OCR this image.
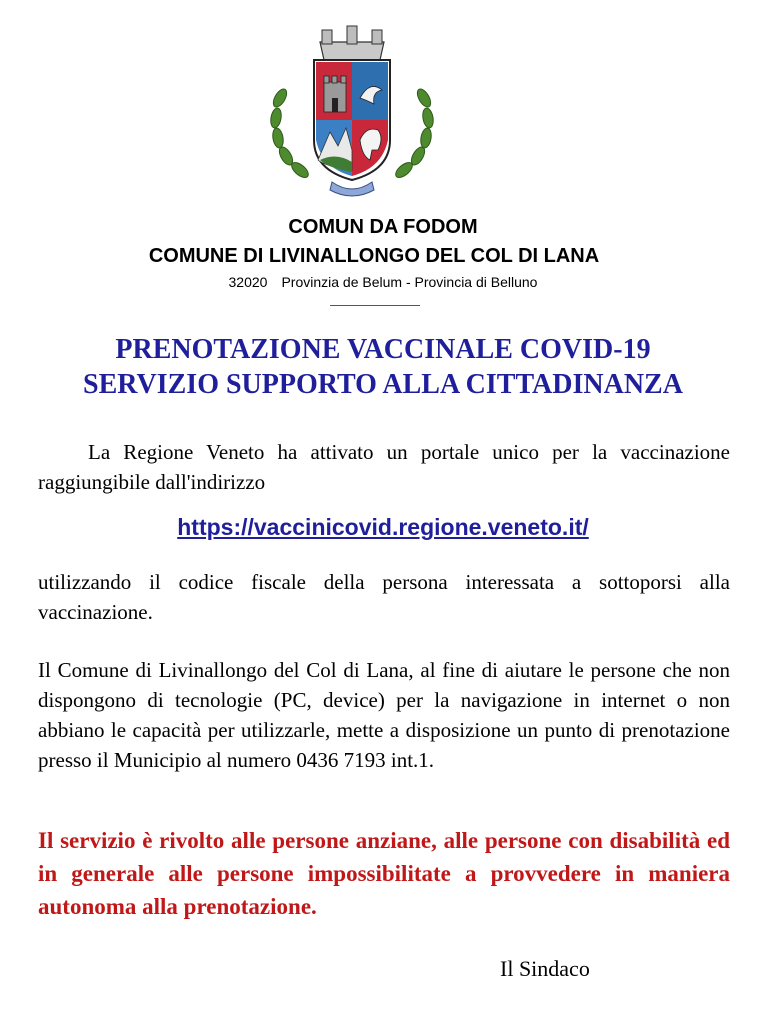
COMUN DA FODOM
COMUNE DI LIVINALLONGO DEL COL DI LANA
32020 Provinzia de Belum - Provincia di Belluno
PRENOTAZIONE VACCINALE COVID-19
SERVIZIO SUPPORTO ALLA CITTADINANZA
La Regione Veneto ha attivato un portale unico per la vaccinazione raggiungibile dall'indirizzo
https://vaccinicovid.regione.veneto.it/
utilizzando il codice fiscale della persona interessata a sottoporsi alla vaccinazione.
Il Comune di Livinallongo del Col di Lana, al fine di aiutare le persone che non dispongono di tecnologie (PC, device) per la navigazione in internet o non abbiano le capacità per utilizzarle, mette a disposizione un punto di prenotazione presso il Municipio al numero 0436 7193 int.1.
Il servizio è rivolto alle persone anziane, alle persone con disabilità ed in generale alle persone impossibilitate a provvedere in maniera autonoma alla prenotazione.
Il Sindaco
